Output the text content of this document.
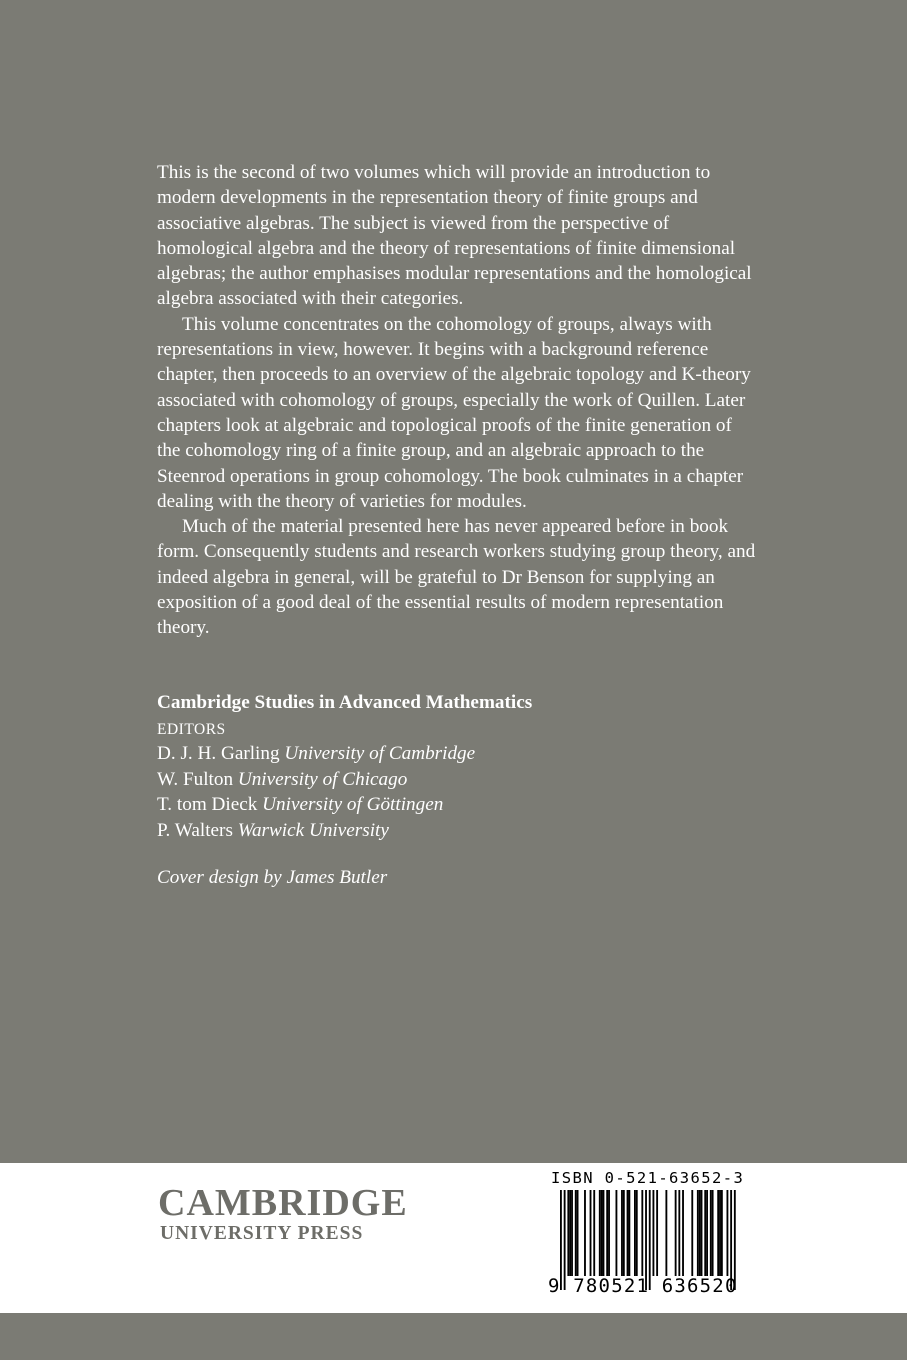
This is the second of two volumes which will provide an introduction to modern developments in the representation theory of finite groups and associative algebras. The subject is viewed from the perspective of homological algebra and the theory of representations of finite dimensional algebras; the author emphasises modular representations and the homological algebra associated with their categories.

This volume concentrates on the cohomology of groups, always with representations in view, however. It begins with a background reference chapter, then proceeds to an overview of the algebraic topology and K-theory associated with cohomology of groups, especially the work of Quillen. Later chapters look at algebraic and topological proofs of the finite generation of the cohomology ring of a finite group, and an algebraic approach to the Steenrod operations in group cohomology. The book culminates in a chapter dealing with the theory of varieties for modules.

Much of the material presented here has never appeared before in book form. Consequently students and research workers studying group theory, and indeed algebra in general, will be grateful to Dr Benson for supplying an exposition of a good deal of the essential results of modern representation theory.

Cambridge Studies in Advanced Mathematics
EDITORS
D. J. H. Garling University of Cambridge
W. Fulton University of Chicago
T. tom Dieck University of Göttingen
P. Walters Warwick University
Cover design by James Butler
CAMBRIDGE
UNIVERSITY PRESS
ISBN 0-521-63652-3
9 780521 636520
